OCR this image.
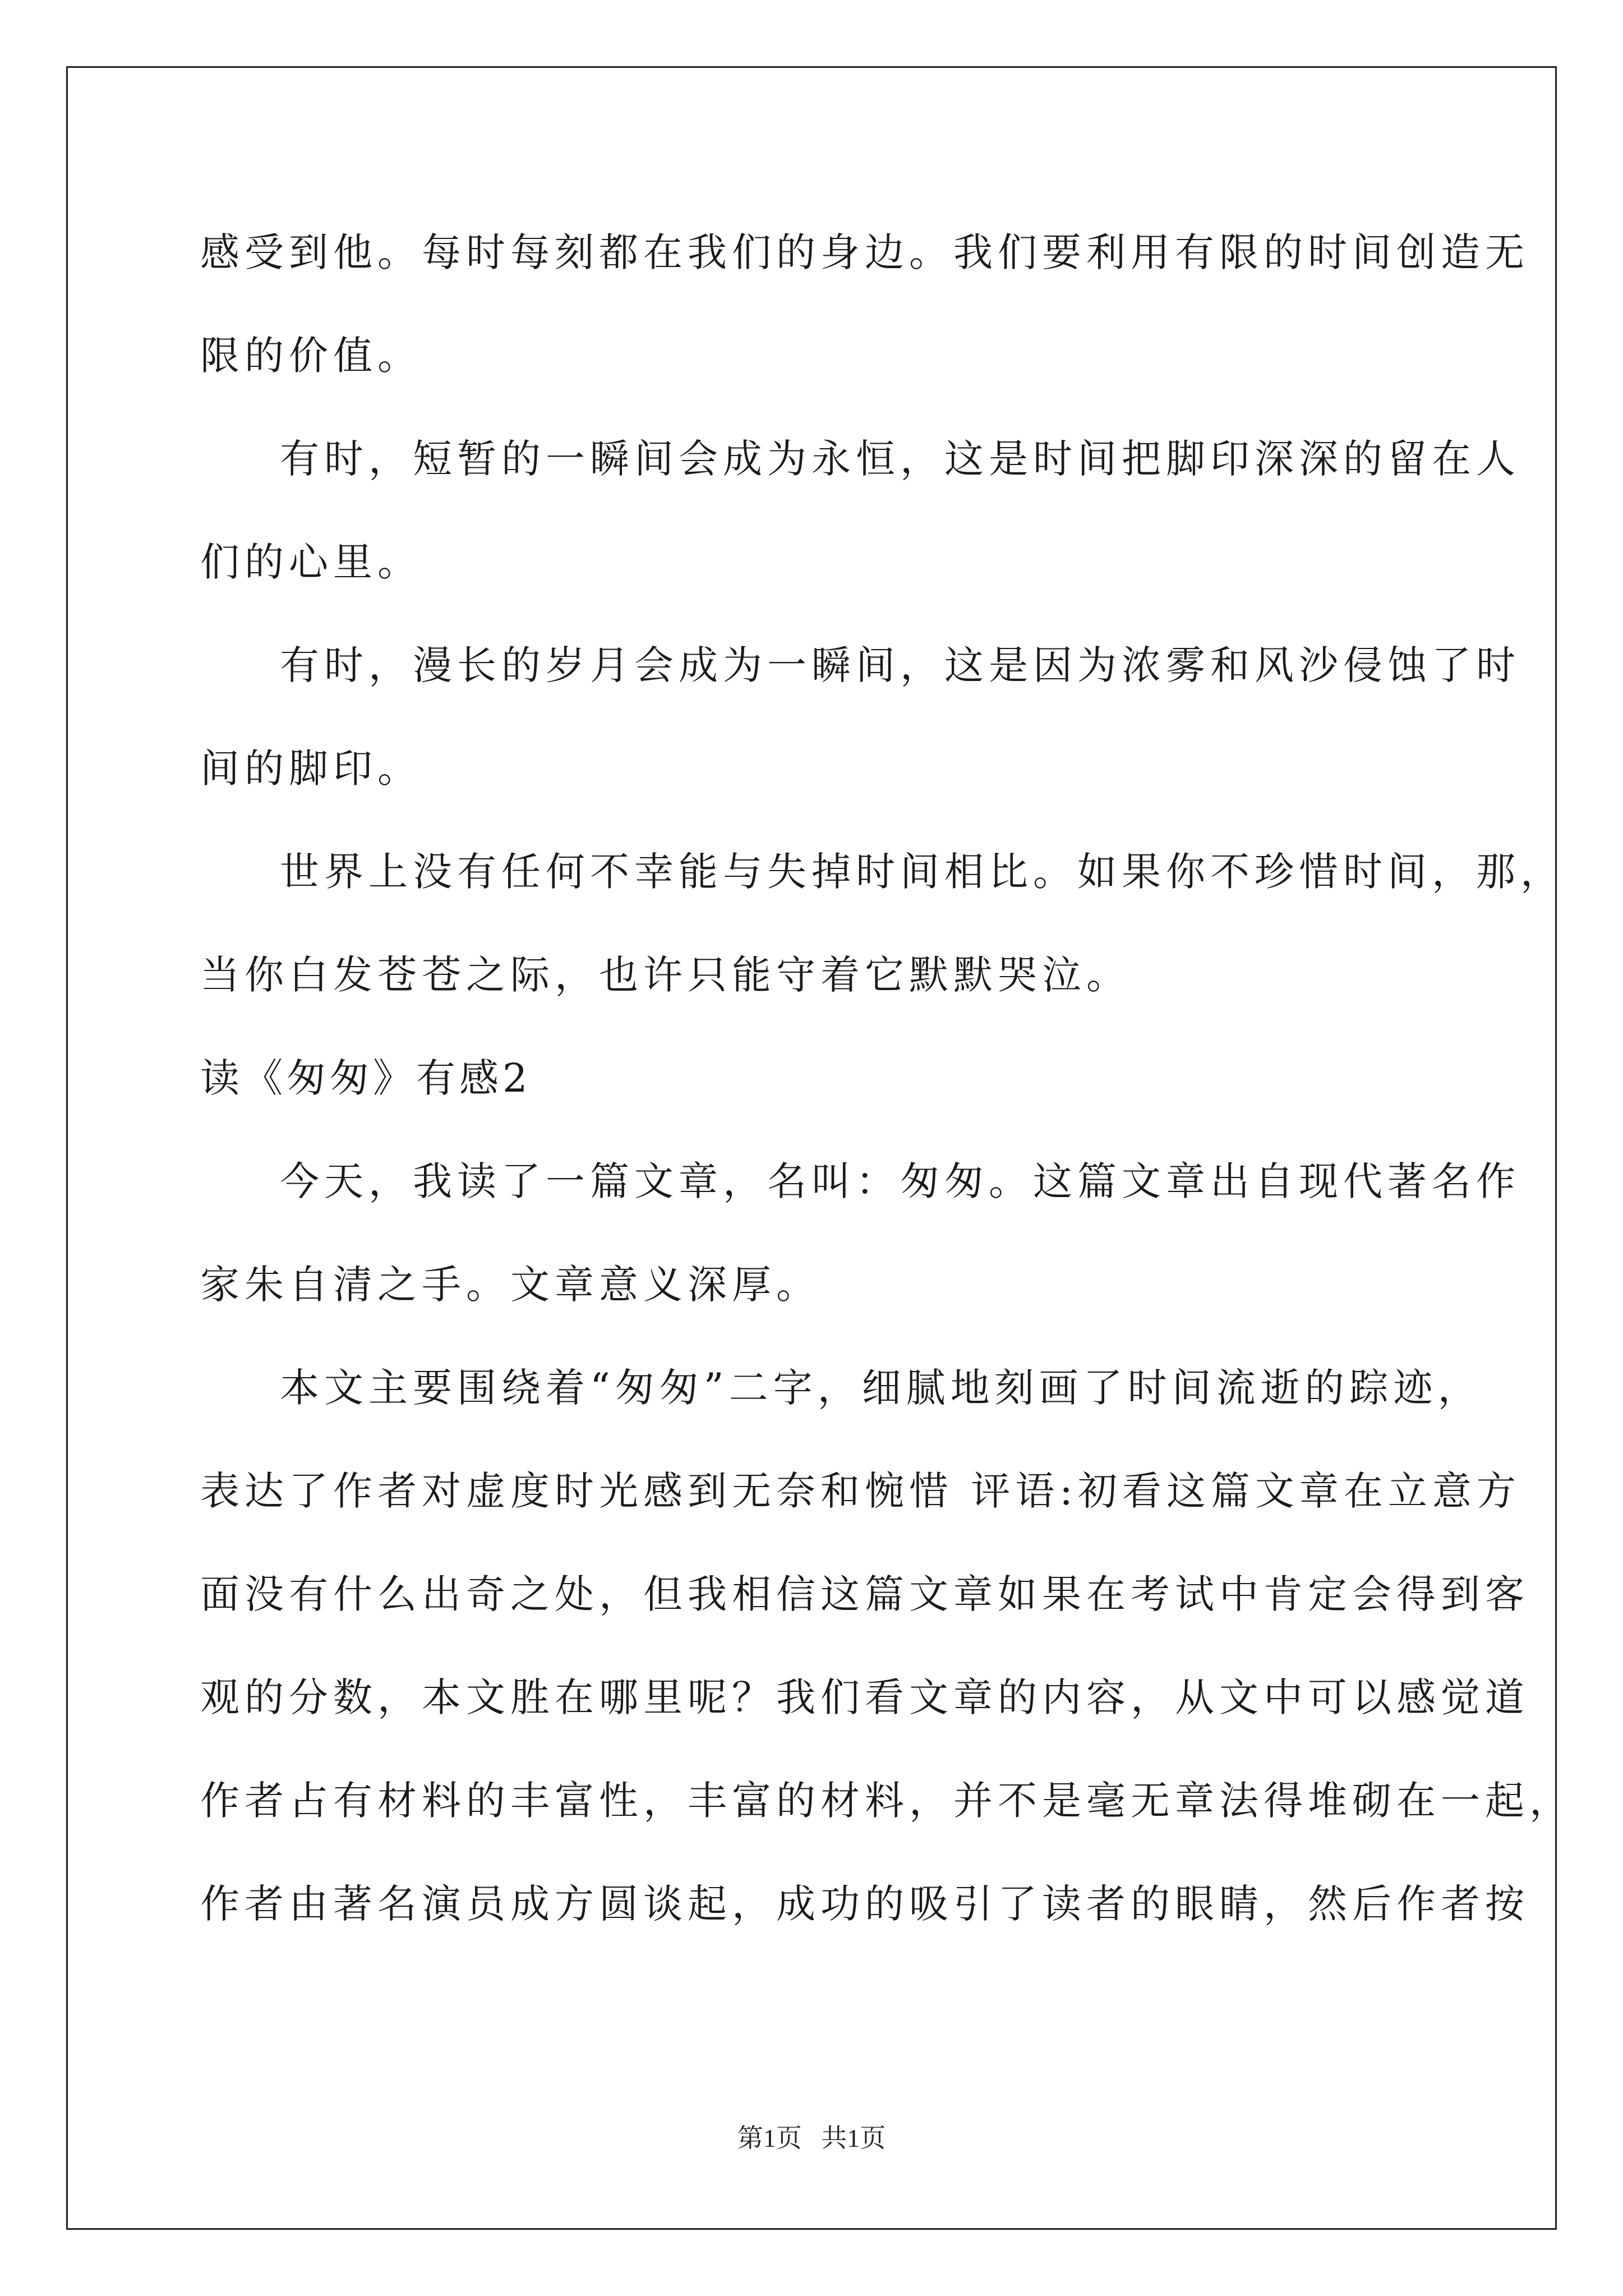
感受到他。每时每刻都在我们的身边。我们要利用有限的时间创造无
限的价值。
有时，短暂的一瞬间会成为永恒，这是时间把脚印深深的留在人
们的心里。
有时，漫长的岁月会成为一瞬间，这是因为浓雾和风沙侵蚀了时
间的脚印。
世界上没有任何不幸能与失掉时间相比。如果你不珍惜时间，那，
当你白发苍苍之际，也许只能守着它默默哭泣。
读《匆匆》有感2
今天，我读了一篇文章，名叫：匆匆。这篇文章出自现代著名作
家朱自清之手。文章意义深厚。
本文主要围绕着“匆匆”二字，细腻地刻画了时间流逝的踪迹，
表达了作者对虚度时光感到无奈和惋惜 评语:初看这篇文章在立意方
面没有什么出奇之处，但我相信这篇文章如果在考试中肯定会得到客
观的分数，本文胜在哪里呢？我们看文章的内容，从文中可以感觉道
作者占有材料的丰富性，丰富的材料，并不是毫无章法得堆砌在一起，
作者由著名演员成方圆谈起，成功的吸引了读者的眼睛，然后作者按
第1页   共1页
